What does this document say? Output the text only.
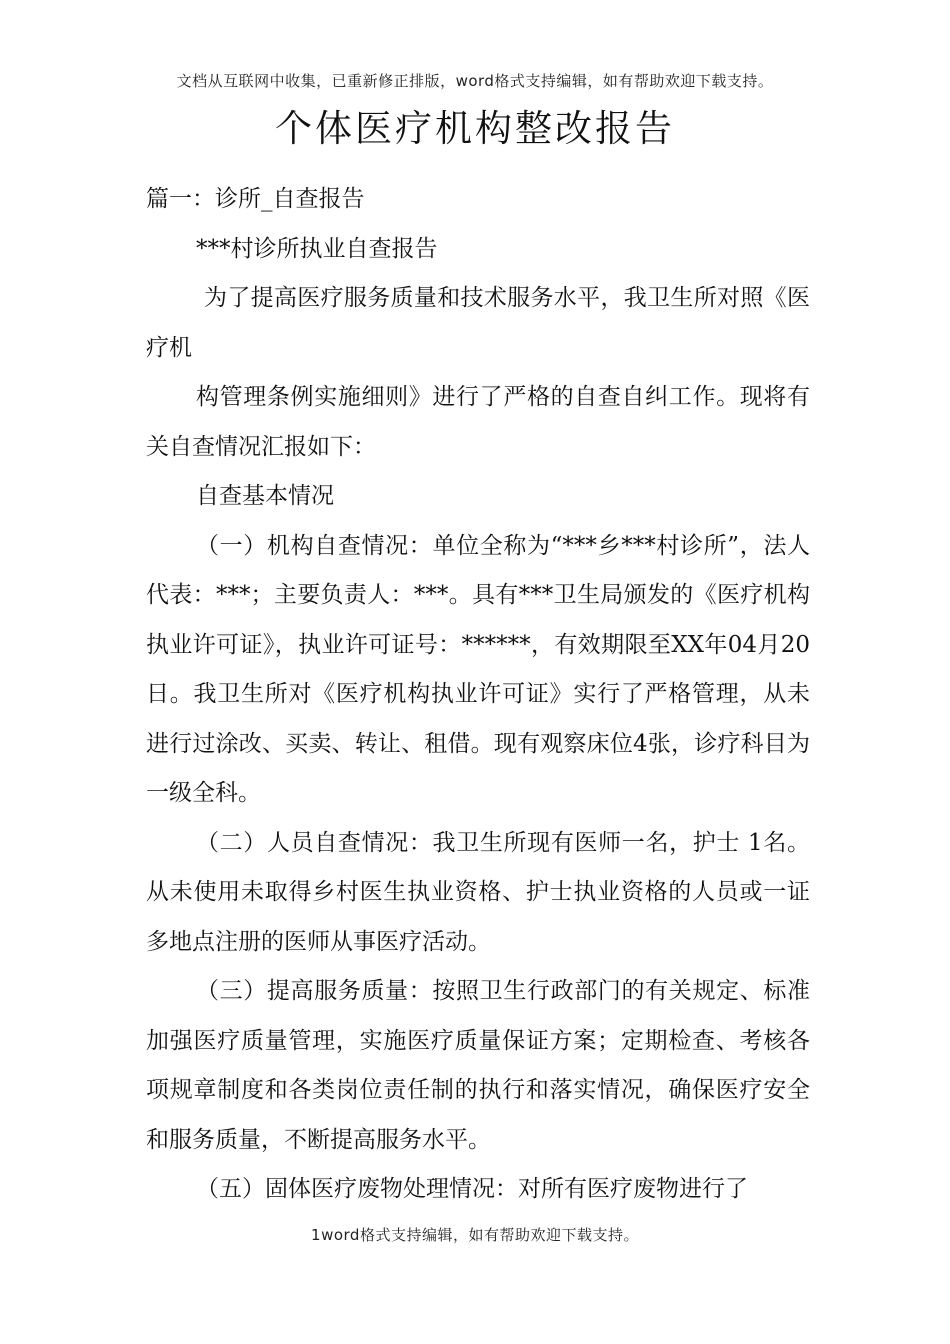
文档从互联网中收集，已重新修正排版，word格式支持编辑，如有帮助欢迎下载支持。
个体医疗机构整改报告

篇一：诊所_自查报告

***村诊所执业自查报告

为了提高医疗服务质量和技术服务水平，我卫生所对照《医疗机

构管理条例实施细则》进行了严格的自查自纠工作。现将有关自查情况汇报如下：

自查基本情况

（一）机构自查情况：单位全称为“***乡***村诊所”，法人代表：***；主要负责人：***。具有***卫生局颁发的《医疗机构执业许可证》，执业许可证号：******，有效期限至XX年04月20日。我卫生所对《医疗机构执业许可证》实行了严格管理，从未进行过涂改、买卖、转让、租借。现有观察床位4张，诊疗科目为一级全科。

（二）人员自查情况：我卫生所现有医师一名，护士 1名。从未使用未取得乡村医生执业资格、护士执业资格的人员或一证多地点注册的医师从事医疗活动。

（三）提高服务质量：按照卫生行政部门的有关规定、标准加强医疗质量管理，实施医疗质量保证方案；定期检查、考核各项规章制度和各类岗位责任制的执行和落实情况，确保医疗安全和服务质量，不断提高服务水平。

（五）固体医疗废物处理情况：对所有医疗废物进行了

1word格式支持编辑，如有帮助欢迎下载支持。
